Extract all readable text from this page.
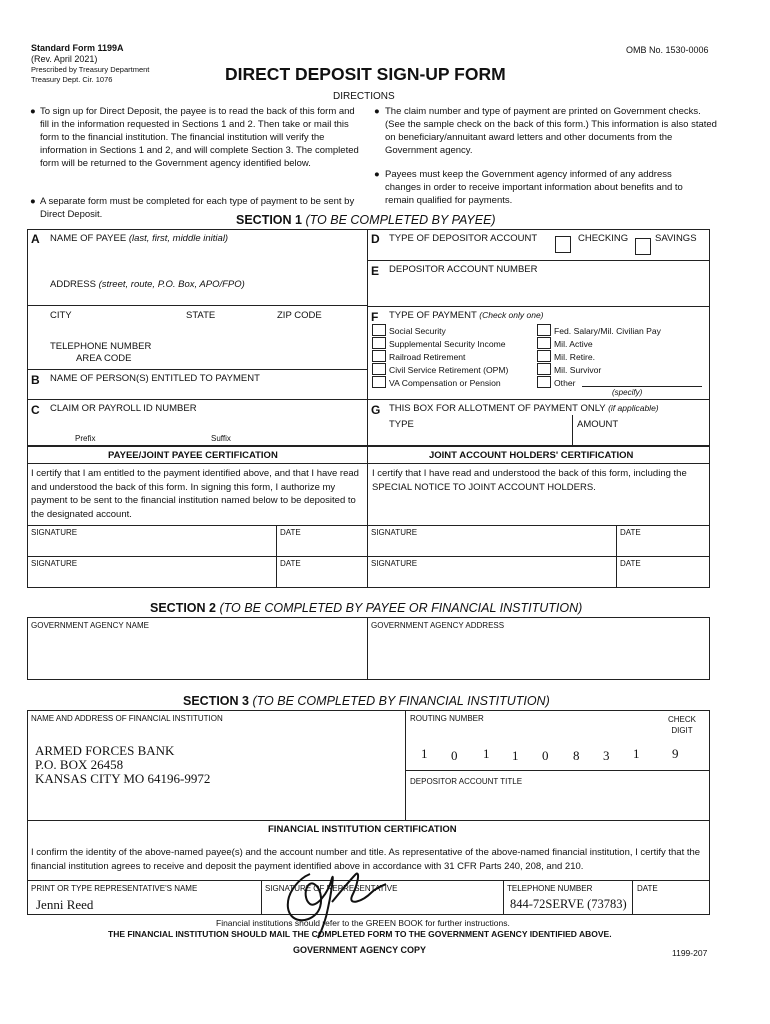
Standard Form 1199A
(Rev. April 2021)
Prescribed by Treasury Department
Treasury Dept. Cir. 1076
OMB No. 1530-0006
DIRECT DEPOSIT SIGN-UP FORM
DIRECTIONS
● To sign up for Direct Deposit, the payee is to read the back of this form and fill in the information requested in Sections 1 and 2. Then take or mail this form to the financial institution. The financial institution will verify the information in Sections 1 and 2, and will complete Section 3. The completed form will be returned to the Government agency identified below.
● A separate form must be completed for each type of payment to be sent by Direct Deposit.
● The claim number and type of payment are printed on Government checks. (See the sample check on the back of this form.) This information is also stated on beneficiary/annuitant award letters and other documents from the Government agency.
● Payees must keep the Government agency informed of any address changes in order to receive important information about benefits and to remain qualified for payments.
SECTION 1 (TO BE COMPLETED BY PAYEE)
A NAME OF PAYEE (last, first, middle initial)
ADDRESS (street, route, P.O. Box, APO/FPO)
CITY	STATE	ZIP CODE
TELEPHONE NUMBER
AREA CODE
B NAME OF PERSON(S) ENTITLED TO PAYMENT
C CLAIM OR PAYROLL ID NUMBER
Prefix	Suffix
D TYPE OF DEPOSITOR ACCOUNT	CHECKING	SAVINGS
E DEPOSITOR ACCOUNT NUMBER
F TYPE OF PAYMENT (Check only one)
Social Security
Supplemental Security Income
Railroad Retirement
Civil Service Retirement (OPM)
VA Compensation or Pension
Fed. Salary/Mil. Civilian Pay
Mil. Active
Mil. Retire.
Mil. Survivor
Other
(specify)
G THIS BOX FOR ALLOTMENT OF PAYMENT ONLY (if applicable)
TYPE	AMOUNT
PAYEE/JOINT PAYEE CERTIFICATION	JOINT ACCOUNT HOLDERS' CERTIFICATION
I certify that I am entitled to the payment identified above, and that I have read and understood the back of this form. In signing this form, I authorize my payment to be sent to the financial institution named below to be deposited to the designated account.
I certify that I have read and understood the back of this form, including the SPECIAL NOTICE TO JOINT ACCOUNT HOLDERS.
SIGNATURE	DATE	SIGNATURE	DATE
SIGNATURE	DATE	SIGNATURE	DATE
SECTION 2 (TO BE COMPLETED BY PAYEE OR FINANCIAL INSTITUTION)
GOVERNMENT AGENCY NAME	GOVERNMENT AGENCY ADDRESS
SECTION 3 (TO BE COMPLETED BY FINANCIAL INSTITUTION)
NAME AND ADDRESS OF FINANCIAL INSTITUTION
ARMED FORCES BANK
P.O. BOX 26458
KANSAS CITY MO 64196-9972
ROUTING NUMBER	CHECK DIGIT
1 0 1 1 0 8 3 1	9
DEPOSITOR ACCOUNT TITLE
FINANCIAL INSTITUTION CERTIFICATION
I confirm the identity of the above-named payee(s) and the account number and title. As representative of the above-named financial institution, I certify that the financial institution agrees to receive and deposit the payment identified above in accordance with 31 CFR Parts 240, 208, and 210.
PRINT OR TYPE REPRESENTATIVE'S NAME
Jenni Reed
SIGNATURE OF REPRESENTATIVE	TELEPHONE NUMBER
844-72SERVE (73783)
DATE
Financial institutions should refer to the GREEN BOOK for further instructions.
THE FINANCIAL INSTITUTION SHOULD MAIL THE COMPLETED FORM TO THE GOVERNMENT AGENCY IDENTIFIED ABOVE.
GOVERNMENT AGENCY COPY	1199-207
